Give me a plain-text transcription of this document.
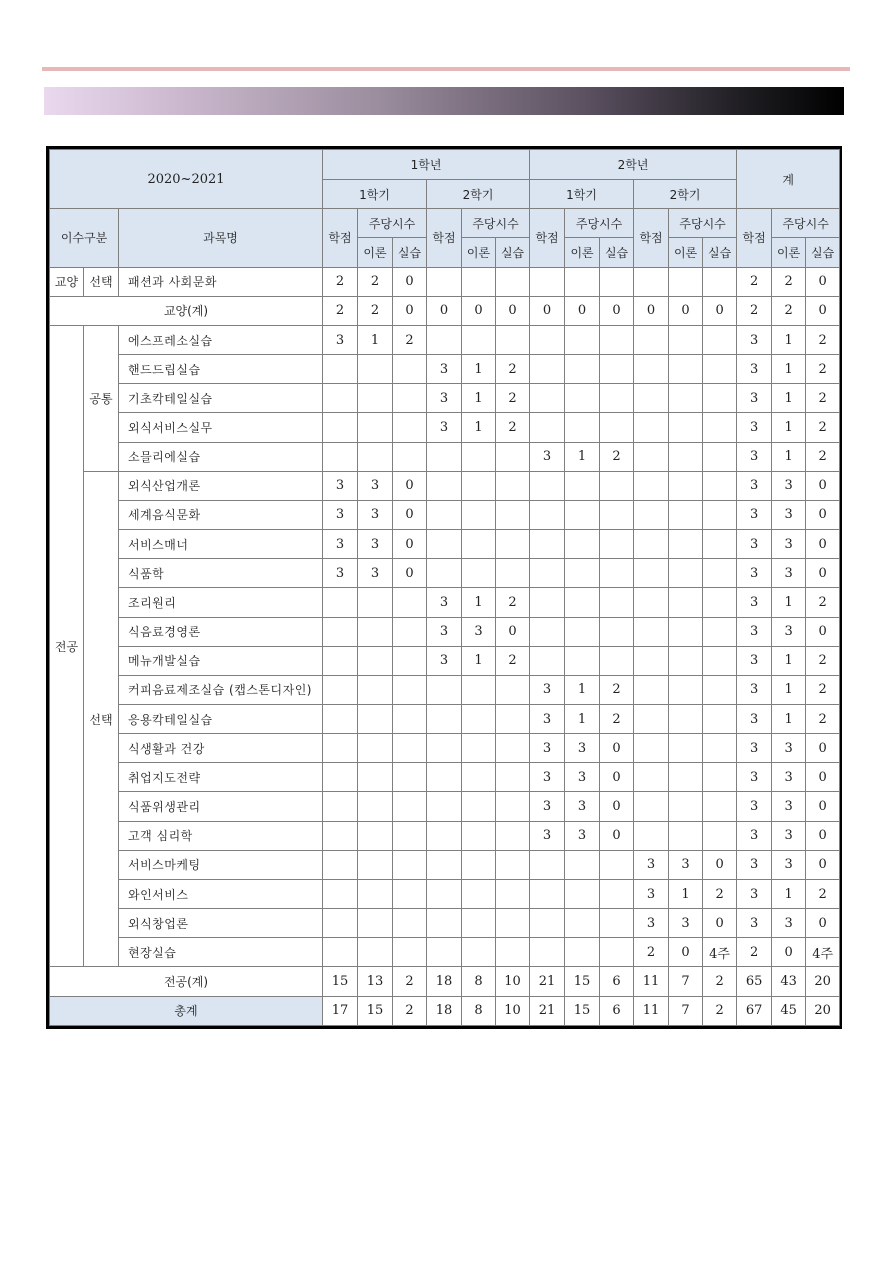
2020~2021			1학년						2학년						계		
			1학기			2학기			1학기			2학기					
이수구분		과목명	학점	주당시수		학점	주당시수		학점	주당시수		학점	주당시수		학점	주당시수	
				이론	실습		이론	실습		이론	실습		이론	실습		이론	실습
교양	선택	패션과 사회문화	2	2	0										2	2	0
교양(계)			2	2	0	0	0	0	0	0	0	0	0	0	2	2	0
전공	공통	에스프레소실습	3	1	2										3	1	2
		핸드드립실습				3	1	2							3	1	2
		기초칵테일실습				3	1	2							3	1	2
		외식서비스실무				3	1	2							3	1	2
		소믈리에실습							3	1	2				3	1	2
	선택	외식산업개론	3	3	0										3	3	0
		세계음식문화	3	3	0										3	3	0
		서비스매너	3	3	0										3	3	0
		식품학	3	3	0										3	3	0
		조리원리				3	1	2							3	1	2
		식음료경영론				3	3	0							3	3	0
		메뉴개발실습				3	1	2							3	1	2
		커피음료제조실습 (캡스톤디자인)							3	1	2				3	1	2
		응용칵테일실습							3	1	2				3	1	2
		식생활과 건강							3	3	0				3	3	0
		취업지도전략							3	3	0				3	3	0
		식품위생관리							3	3	0				3	3	0
		고객 심리학							3	3	0				3	3	0
		서비스마케팅										3	3	0	3	3	0
		와인서비스										3	1	2	3	1	2
		외식창업론										3	3	0	3	3	0
		현장실습										2	0	4주	2	0	4주
전공(계)			15	13	2	18	8	10	21	15	6	11	7	2	65	43	20
총계			17	15	2	18	8	10	21	15	6	11	7	2	67	45	20
